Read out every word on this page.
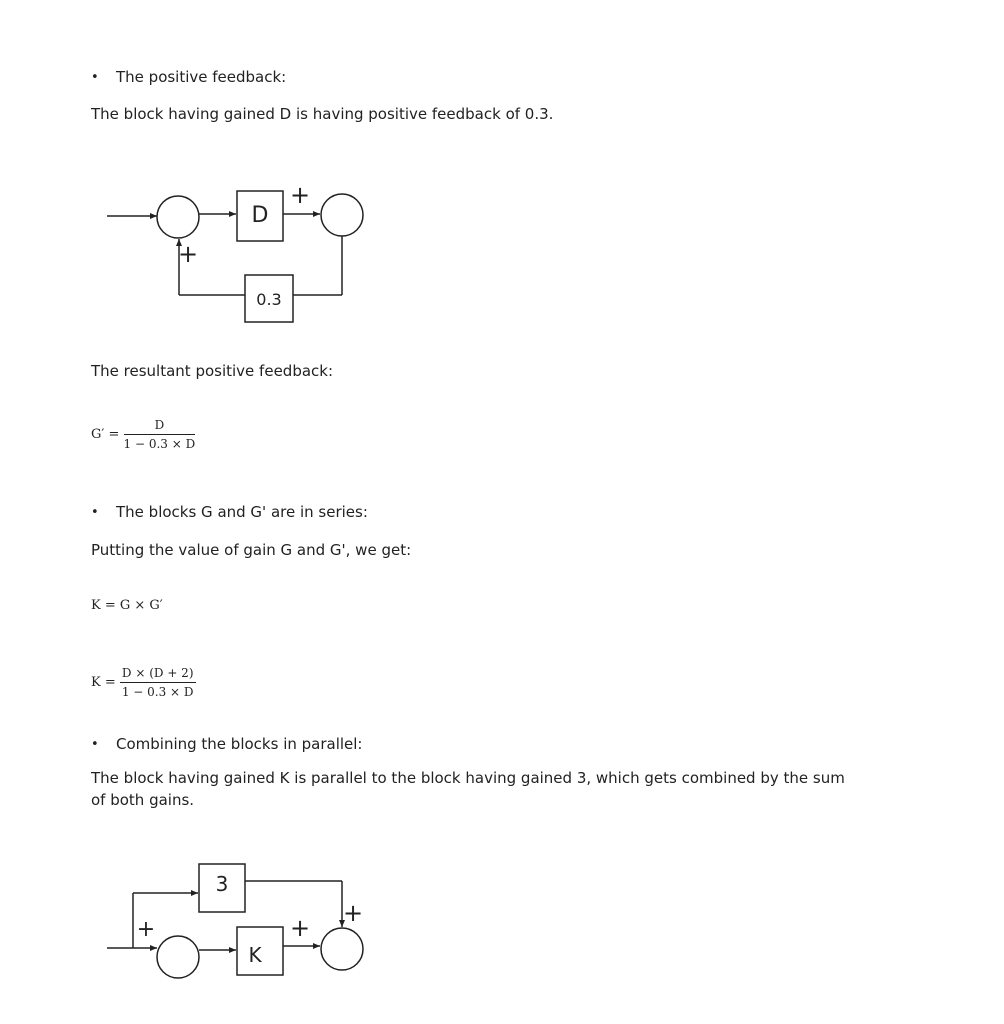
• The positive feedback:
The block having gained D is having positive feedback of 0.3.
D
+
0.3
+
The resultant positive feedback:
$G' = \frac{D}{1 - 0.3 \times D}$
• The blocks G and G' are in series:
Putting the value of gain G and G', we get:
K = G × G′
$K = \frac{D \times (D + 2)}{1 - 0.3 \times D}$
• Combining the blocks in parallel:
The block having gained K is parallel to the block having gained 3, which gets combined by the sum of both gains.
3
+
+
K
+
